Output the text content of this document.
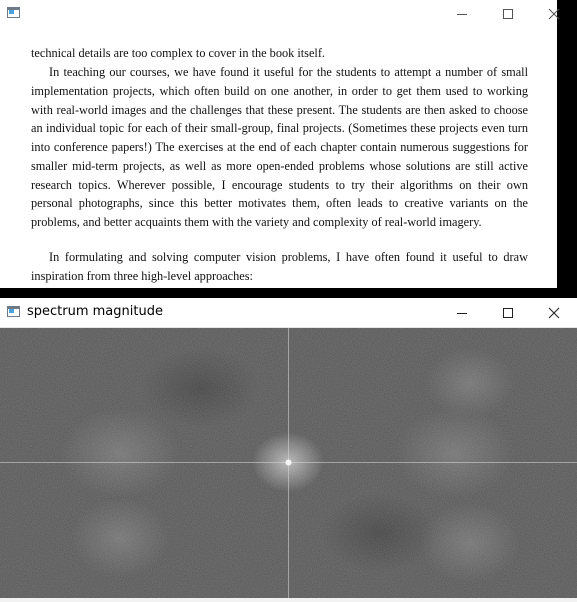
technical details are too complex to cover in the book itself.

In teaching our courses, we have found it useful for the students to attempt a number of small implementation projects, which often build on one another, in order to get them used to working with real-world images and the challenges that these present. The students are then asked to choose an individual topic for each of their small-group, final projects. (Sometimes these projects even turn into conference papers!) The exercises at the end of each chapter contain numerous suggestions for smaller mid-term projects, as well as more open-ended problems whose solutions are still active research topics. Wherever possible, I encourage students to try their algorithms on their own personal photographs, since this better motivates them, often leads to creative variants on the problems, and better acquaints them with the variety and complexity of real-world imagery.

In formulating and solving computer vision problems, I have often found it useful to draw inspiration from three high-level approaches:

spectrum magnitude
